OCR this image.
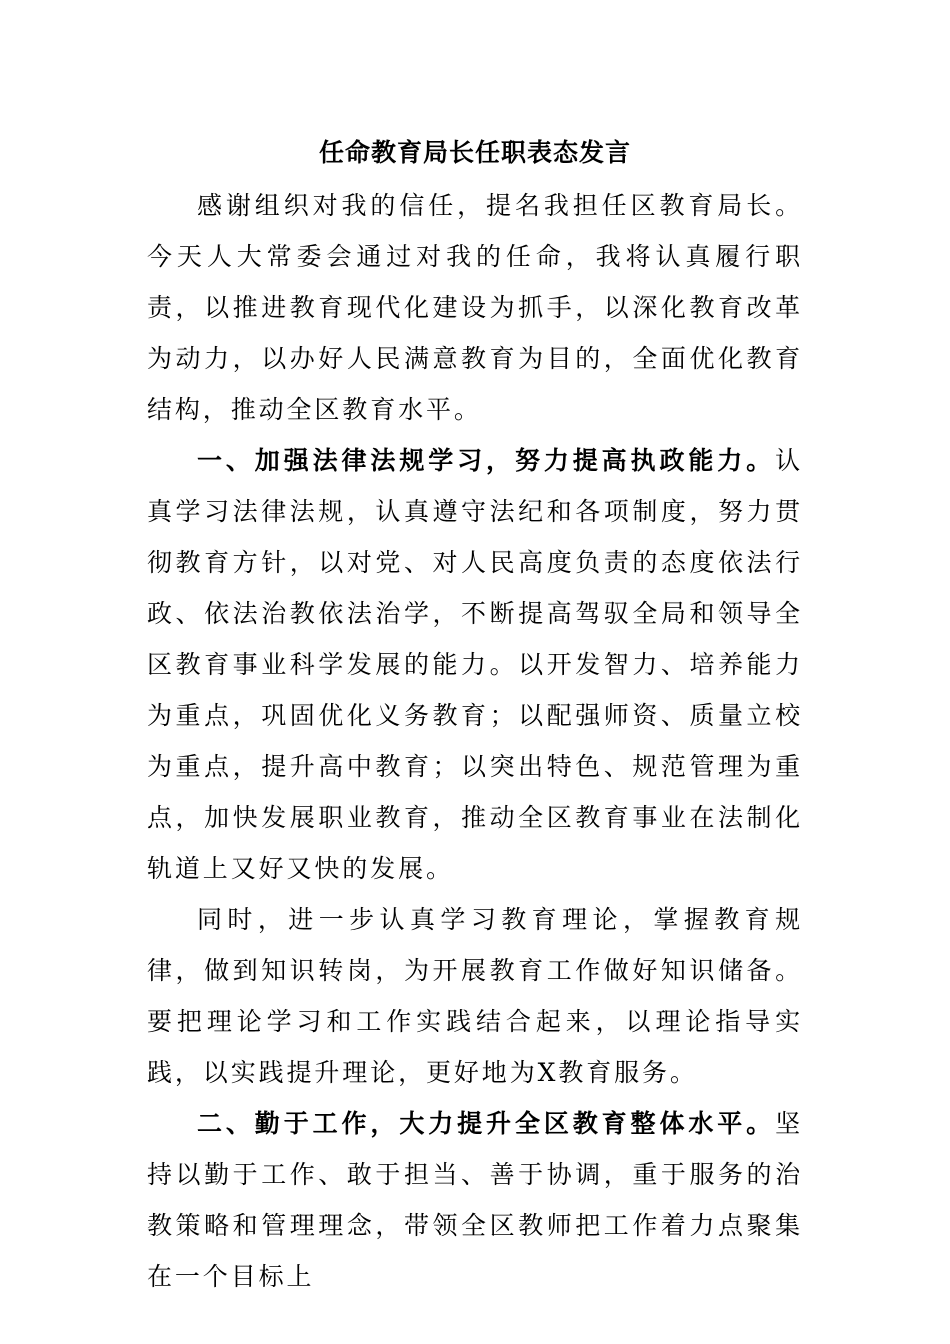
任命教育局长任职表态发言

感谢组织对我的信任，提名我担任区教育局长。今天人大常委会通过对我的任命，我将认真履行职责，以推进教育现代化建设为抓手，以深化教育改革为动力，以办好人民满意教育为目的，全面优化教育结构，推动全区教育水平。

一、加强法律法规学习，努力提高执政能力。认真学习法律法规，认真遵守法纪和各项制度，努力贯彻教育方针，以对党、对人民高度负责的态度依法行政、依法治教依法治学，不断提高驾驭全局和领导全区教育事业科学发展的能力。以开发智力、培养能力为重点，巩固优化义务教育；以配强师资、质量立校为重点，提升高中教育；以突出特色、规范管理为重点，加快发展职业教育，推动全区教育事业在法制化轨道上又好又快的发展。

同时，进一步认真学习教育理论，掌握教育规律，做到知识转岗，为开展教育工作做好知识储备。要把理论学习和工作实践结合起来，以理论指导实践，以实践提升理论，更好地为X教育服务。

二、勤于工作，大力提升全区教育整体水平。坚持以勤于工作、敢于担当、善于协调，重于服务的治教策略和管理理念，带领全区教师把工作着力点聚集在一个目标上
